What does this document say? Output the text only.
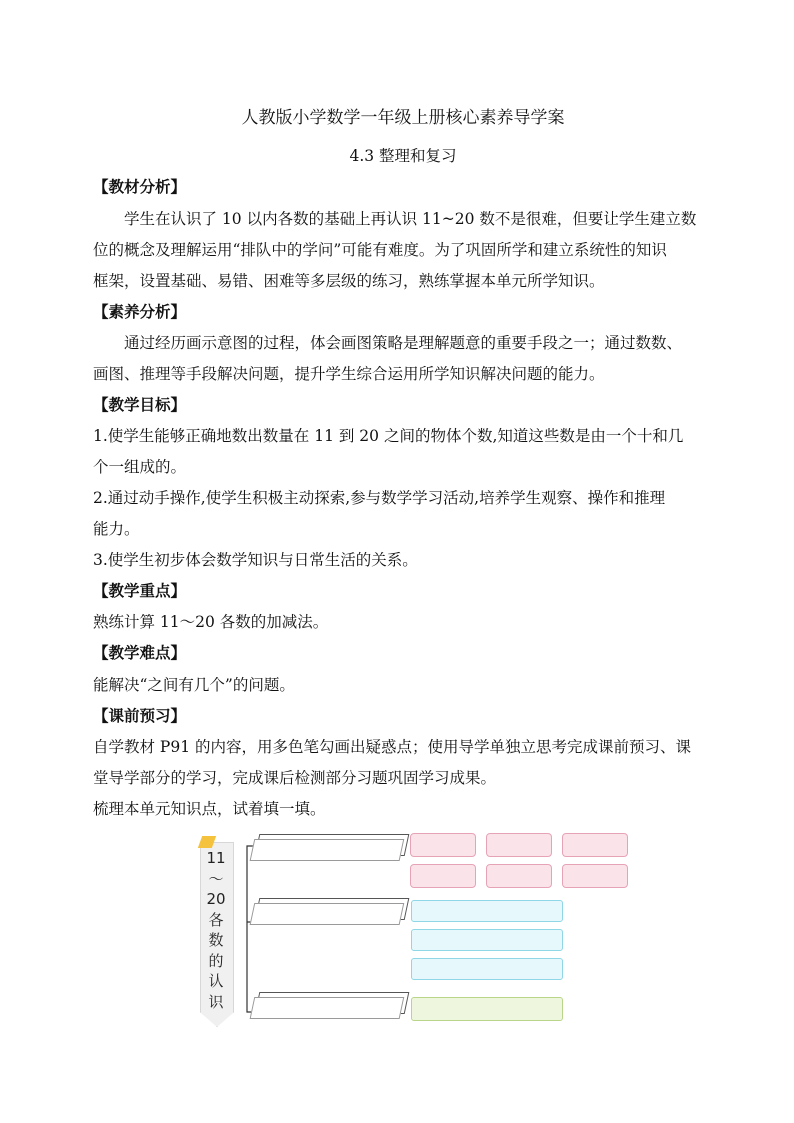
人教版小学数学一年级上册核心素养导学案
4.3 整理和复习
【教材分析】
学生在认识了 10 以内各数的基础上再认识 11~20 数不是很难，但要让学生建立数
位的概念及理解运用“排队中的学问”可能有难度。为了巩固所学和建立系统性的知识
框架，设置基础、易错、困难等多层级的练习，熟练掌握本单元所学知识。
【素养分析】
通过经历画示意图的过程，体会画图策略是理解题意的重要手段之一；通过数数、
画图、推理等手段解决问题，提升学生综合运用所学知识解决问题的能力。
【教学目标】
1.使学生能够正确地数出数量在 11 到 20 之间的物体个数,知道这些数是由一个十和几
个一组成的。
2.通过动手操作,使学生积极主动探索,参与数学学习活动,培养学生观察、操作和推理
能力。
3.使学生初步体会数学知识与日常生活的关系。
【教学重点】
熟练计算 11～20 各数的加减法。
【教学难点】
能解决“之间有几个”的问题。
【课前预习】
自学教材 P91 的内容，用多色笔勾画出疑惑点；使用导学单独立思考完成课前预习、课
堂导学部分的学习，完成课后检测部分习题巩固学习成果。
梳理本单元知识点，试着填一填。
11
～
20
各
数
的
认
识
